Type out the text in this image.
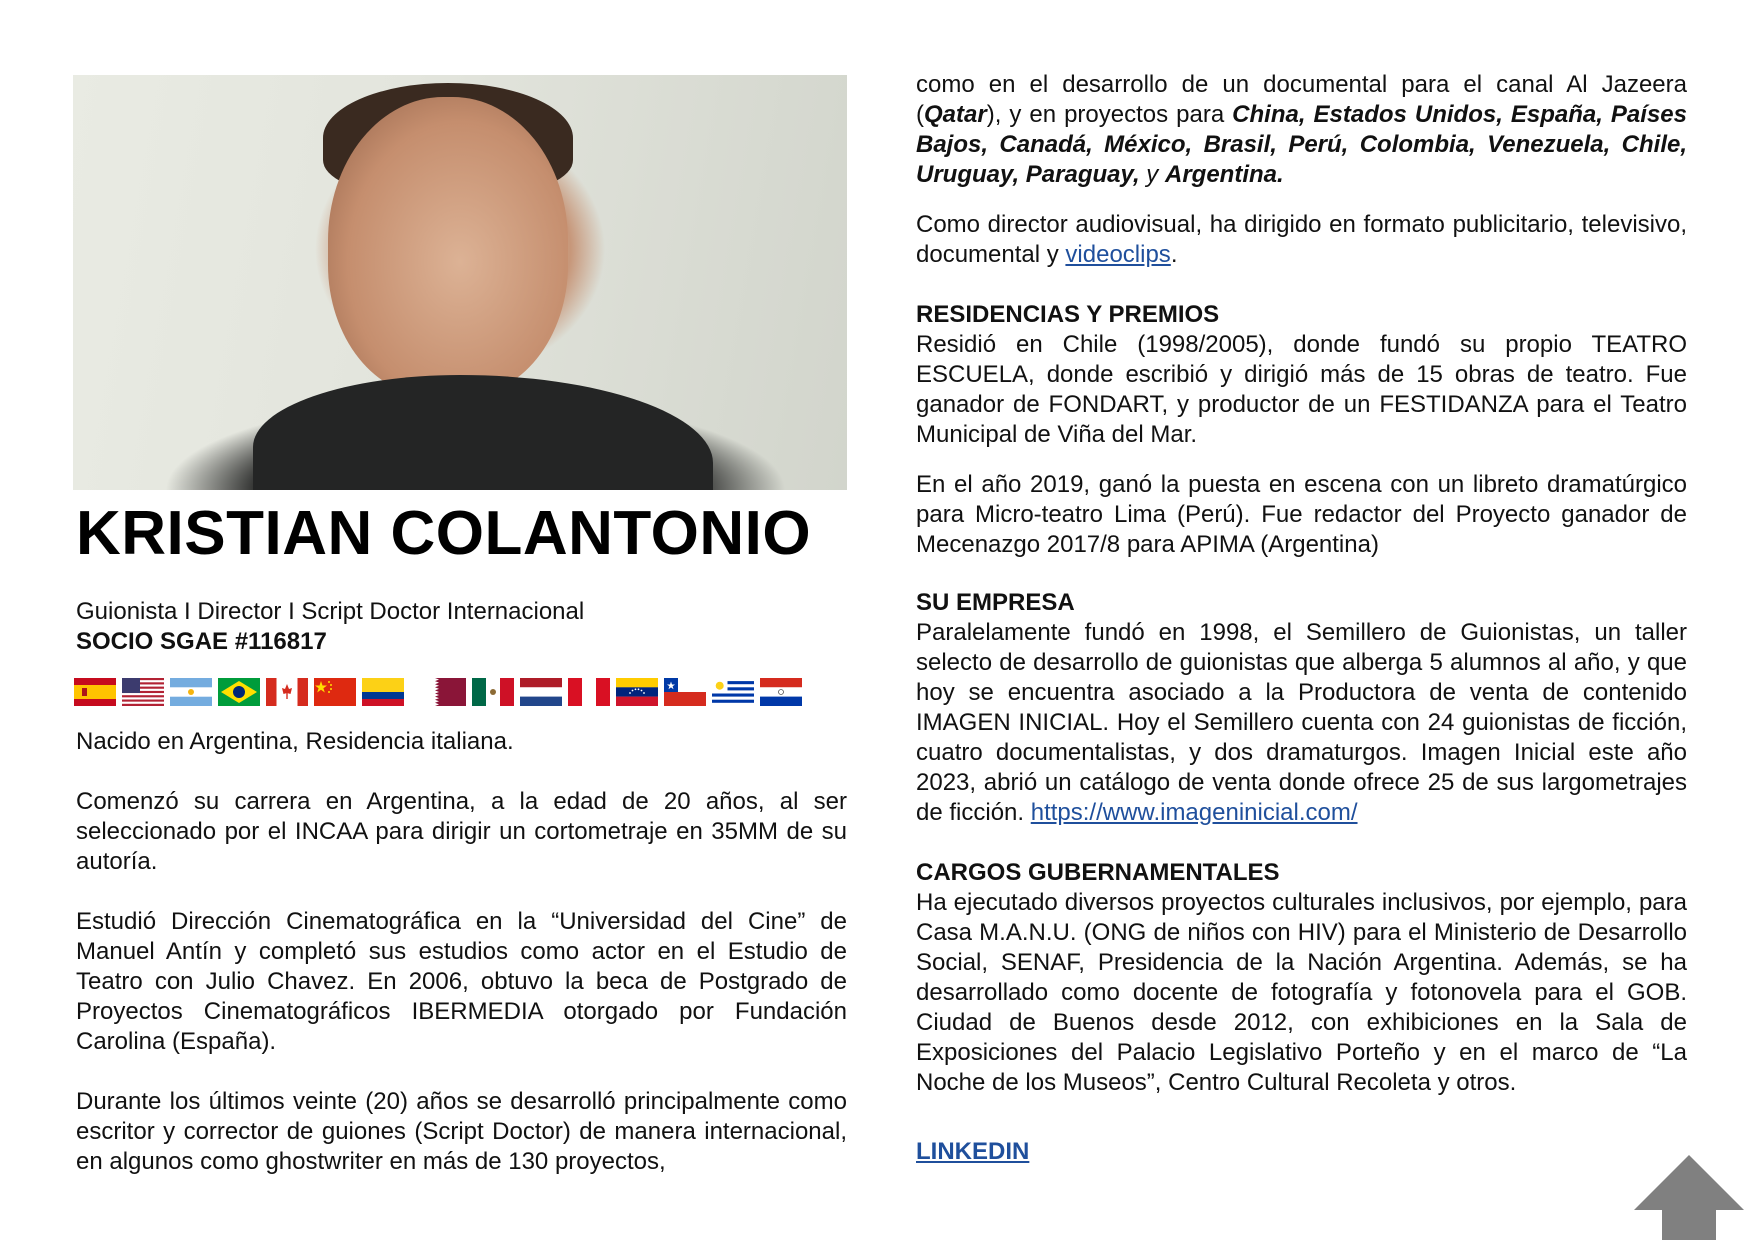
KRISTIAN COLANTONIO
Guionista I Director I Script Doctor Internacional
SOCIO SGAE #116817

Nacido en Argentina, Residencia italiana.

Comenzó su carrera en Argentina, a la edad de 20 años, al ser seleccionado por el INCAA para dirigir un cortometraje en 35MM de su autoría.

Estudió Dirección Cinematográfica en la “Universidad del Cine” de Manuel Antín y completó sus estudios como actor en el Estudio de Teatro con Julio Chavez. En 2006, obtuvo la beca de Postgrado de Proyectos Cinematográficos IBERMEDIA otorgado por Fundación Carolina (España).

Durante los últimos veinte (20) años se desarrolló principalmente como escritor y corrector de guiones (Script Doctor) de manera internacional, en algunos como ghostwriter en más de 130 proyectos,

como en el desarrollo de un documental para el canal Al Jazeera (Qatar), y en proyectos para China, Estados Unidos, España, Países Bajos, Canadá, México, Brasil, Perú, Colombia, Venezuela, Chile, Uruguay, Paraguay, y Argentina.

Como director audiovisual, ha dirigido en formato publicitario, televisivo, documental y videoclips.

RESIDENCIAS Y PREMIOS

Residió en Chile (1998/2005), donde fundó su propio TEATRO ESCUELA, donde escribió y dirigió más de 15 obras de teatro. Fue ganador de FONDART, y productor de un FESTIDANZA para el Teatro Municipal de Viña del Mar.

En el año 2019, ganó la puesta en escena con un libreto dramatúrgico para Micro-teatro Lima (Perú). Fue redactor del Proyecto ganador de Mecenazgo 2017/8 para APIMA (Argentina)

SU EMPRESA

Paralelamente fundó en 1998, el Semillero de Guionistas, un taller selecto de desarrollo de guionistas que alberga 5 alumnos al año, y que hoy se encuentra asociado a la Productora de venta de contenido IMAGEN INICIAL. Hoy el Semillero cuenta con 24 guionistas de ficción, cuatro documentalistas, y dos dramaturgos. Imagen Inicial este año 2023, abrió un catálogo de venta donde ofrece 25 de sus largometrajes de ficción. https://www.imageninicial.com/

CARGOS GUBERNAMENTALES

Ha ejecutado diversos proyectos culturales inclusivos, por ejemplo, para Casa M.A.N.U. (ONG de niños con HIV) para el Ministerio de Desarrollo Social, SENAF, Presidencia de la Nación Argentina. Además, se ha desarrollado como docente de fotografía y fotonovela para el GOB. Ciudad de Buenos desde 2012, con exhibiciones en la Sala de Exposiciones del Palacio Legislativo Porteño y en el marco de “La Noche de los Museos”, Centro Cultural Recoleta y otros.

LINKEDIN
